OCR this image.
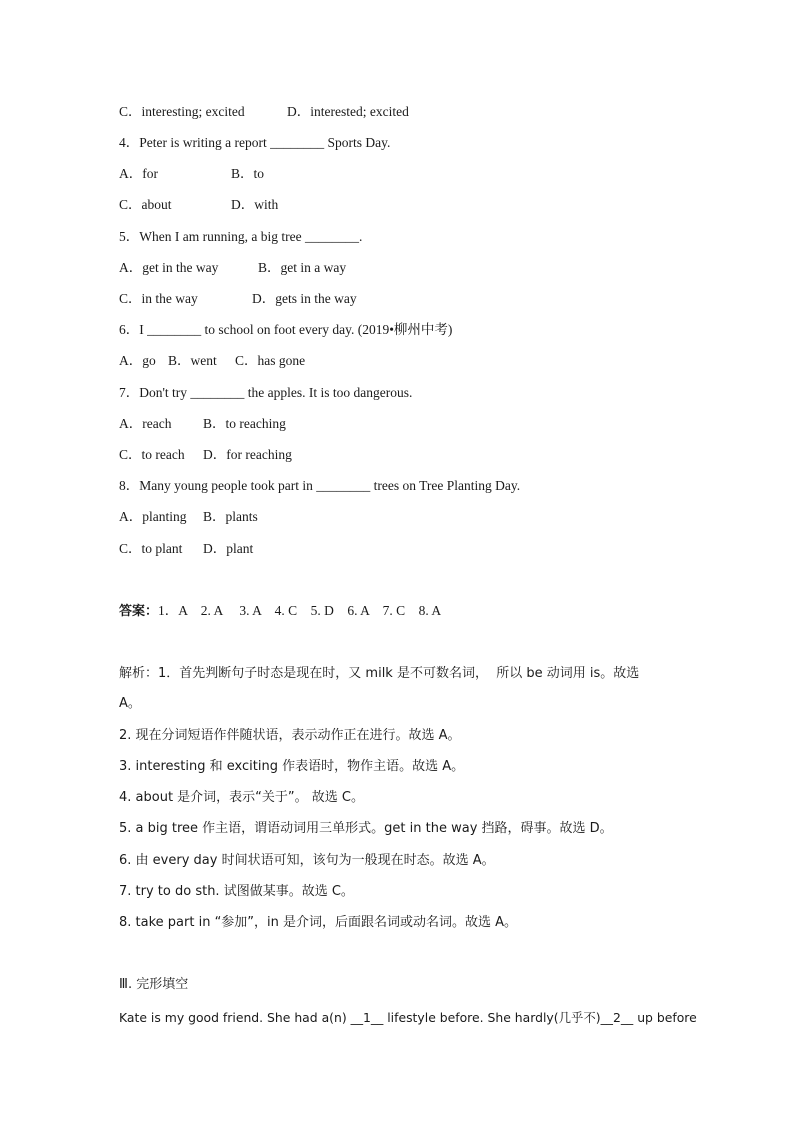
C．interesting; excited	D．interested; excited
4．Peter is writing a report ________ Sports Day.
A．for	B．to
C．about	D．with
5．When I am running, a big tree ________.
A．get in the way	B．get in a way
C．in the way	D．gets in the way
6．I ________ to school on foot every day. (2019•柳州中考)
A．go B．went C．has gone
7．Don't try ________ the apples. It is too dangerous.
A．reach B．to reaching
C．to reach D．for reaching
8．Many young people took part in ________ trees on Tree Planting Day.
A．planting B．plants
C．to plant D．plant
答案：1．A    2. A     3. A    4. C    5. D    6. A    7. C    8. A
解析：1．首先判断句子时态是现在时，又 milk 是不可数名词，  所以 be 动词用 is。故选
A。
2. 现在分词短语作伴随状语，表示动作正在进行。故选 A。
3. interesting 和 exciting 作表语时，物作主语。故选 A。
4. about 是介词，表示“关于”。 故选 C。
5. a big tree 作主语，谓语动词用三单形式。get in the way 挡路，碍事。故选 D。
6. 由 every day 时间状语可知，该句为一般现在时态。故选 A。
7. try to do sth. 试图做某事。故选 C。
8. take part in “参加”，in 是介词，后面跟名词或动名词。故选 A。
Ⅲ. 完形填空
Kate is my good friend. She had a(n) __1__ lifestyle before. She hardly(几乎不)__2__ up before
